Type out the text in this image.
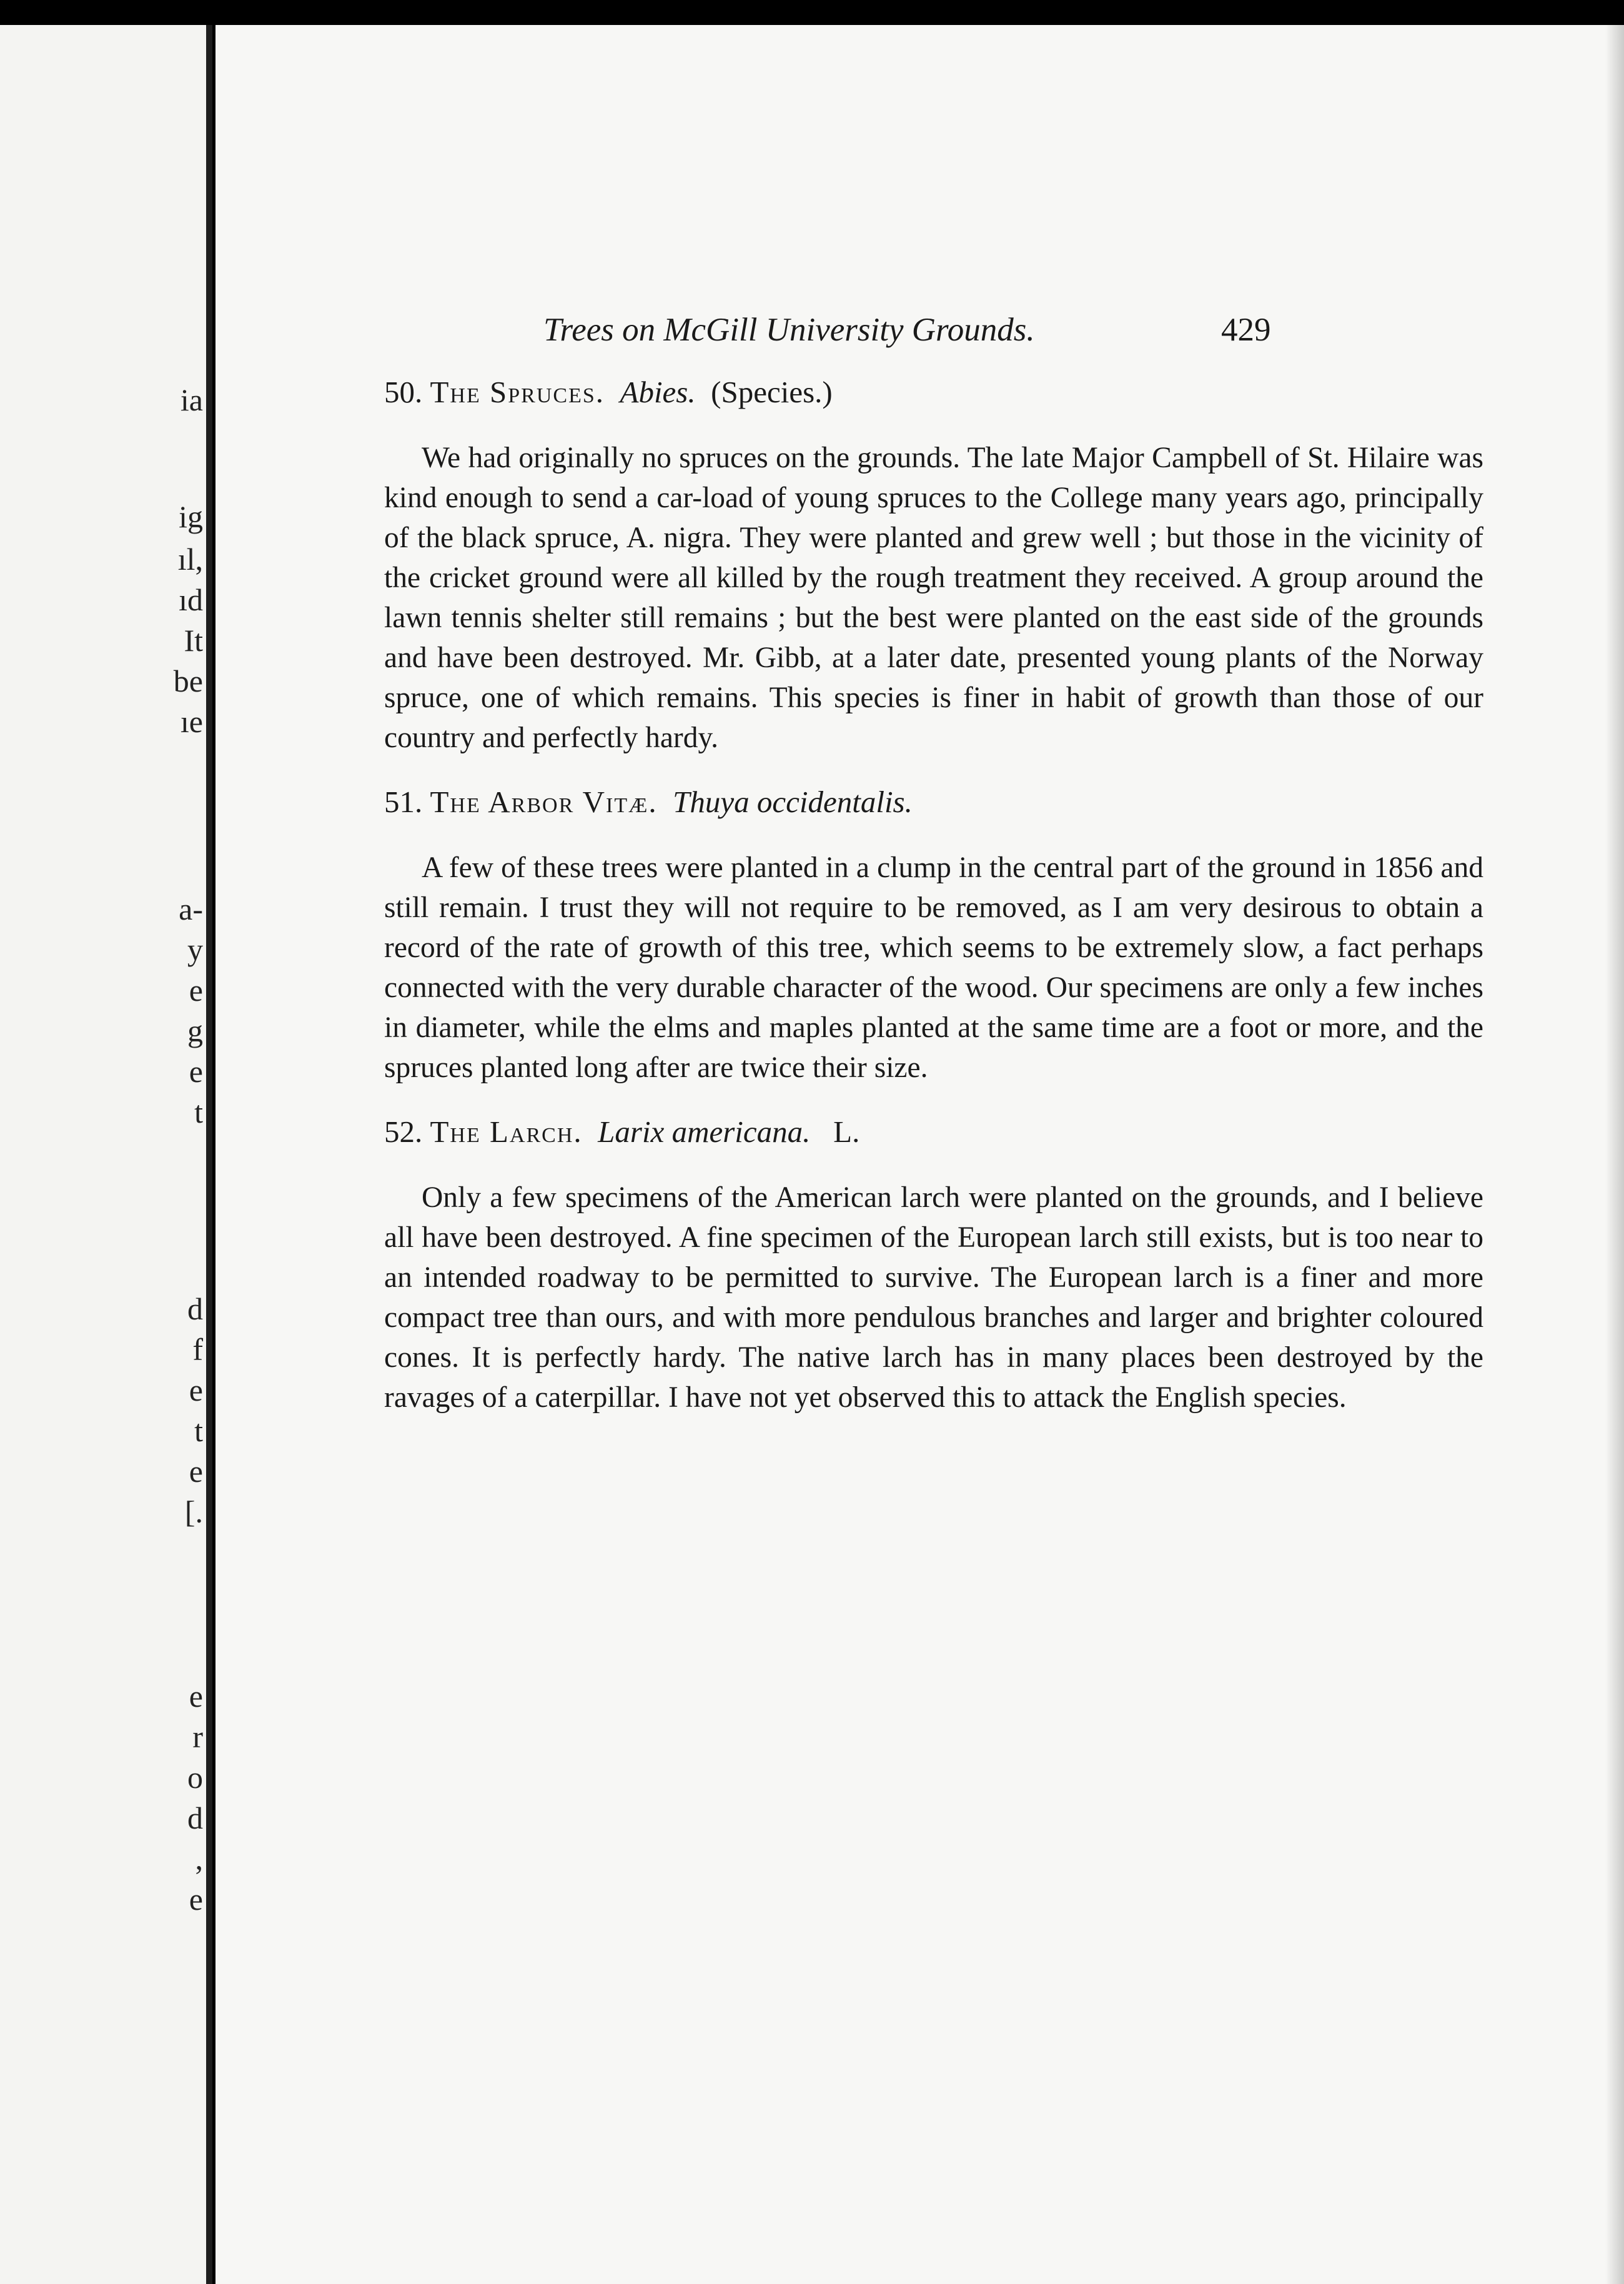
ia
ig
ıl,
ıd
It
be
ıe
a-
y
e
g
e
t
d
f
e
t
e
[.
e
r
o
d
,
e
Trees on McGill University Grounds.	429

50. The Spruces. Abies. (Species.)

We had originally no spruces on the grounds. The late Major Campbell of St. Hilaire was kind enough to send a car-load of young spruces to the College many years ago, principally of the black spruce, A. nigra. They were planted and grew well ; but those in the vicinity of the cricket ground were all killed by the rough treatment they received. A group around the lawn tennis shelter still remains ; but the best were planted on the east side of the grounds and have been destroyed. Mr. Gibb, at a later date, presented young plants of the Norway spruce, one of which remains. This species is finer in habit of growth than those of our country and perfectly hardy.

51. The Arbor Vitæ. Thuya occidentalis.

A few of these trees were planted in a clump in the central part of the ground in 1856 and still remain. I trust they will not require to be removed, as I am very desirous to obtain a record of the rate of growth of this tree, which seems to be extremely slow, a fact perhaps connected with the very durable character of the wood. Our specimens are only a few inches in diameter, while the elms and maples planted at the same time are a foot or more, and the spruces planted long after are twice their size.

52. The Larch. Larix americana. L.

Only a few specimens of the American larch were planted on the grounds, and I believe all have been destroyed. A fine specimen of the European larch still exists, but is too near to an intended roadway to be permitted to survive. The European larch is a finer and more compact tree than ours, and with more pendulous branches and larger and brighter coloured cones. It is perfectly hardy. The native larch has in many places been destroyed by the ravages of a caterpillar. I have not yet observed this to attack the English species.
